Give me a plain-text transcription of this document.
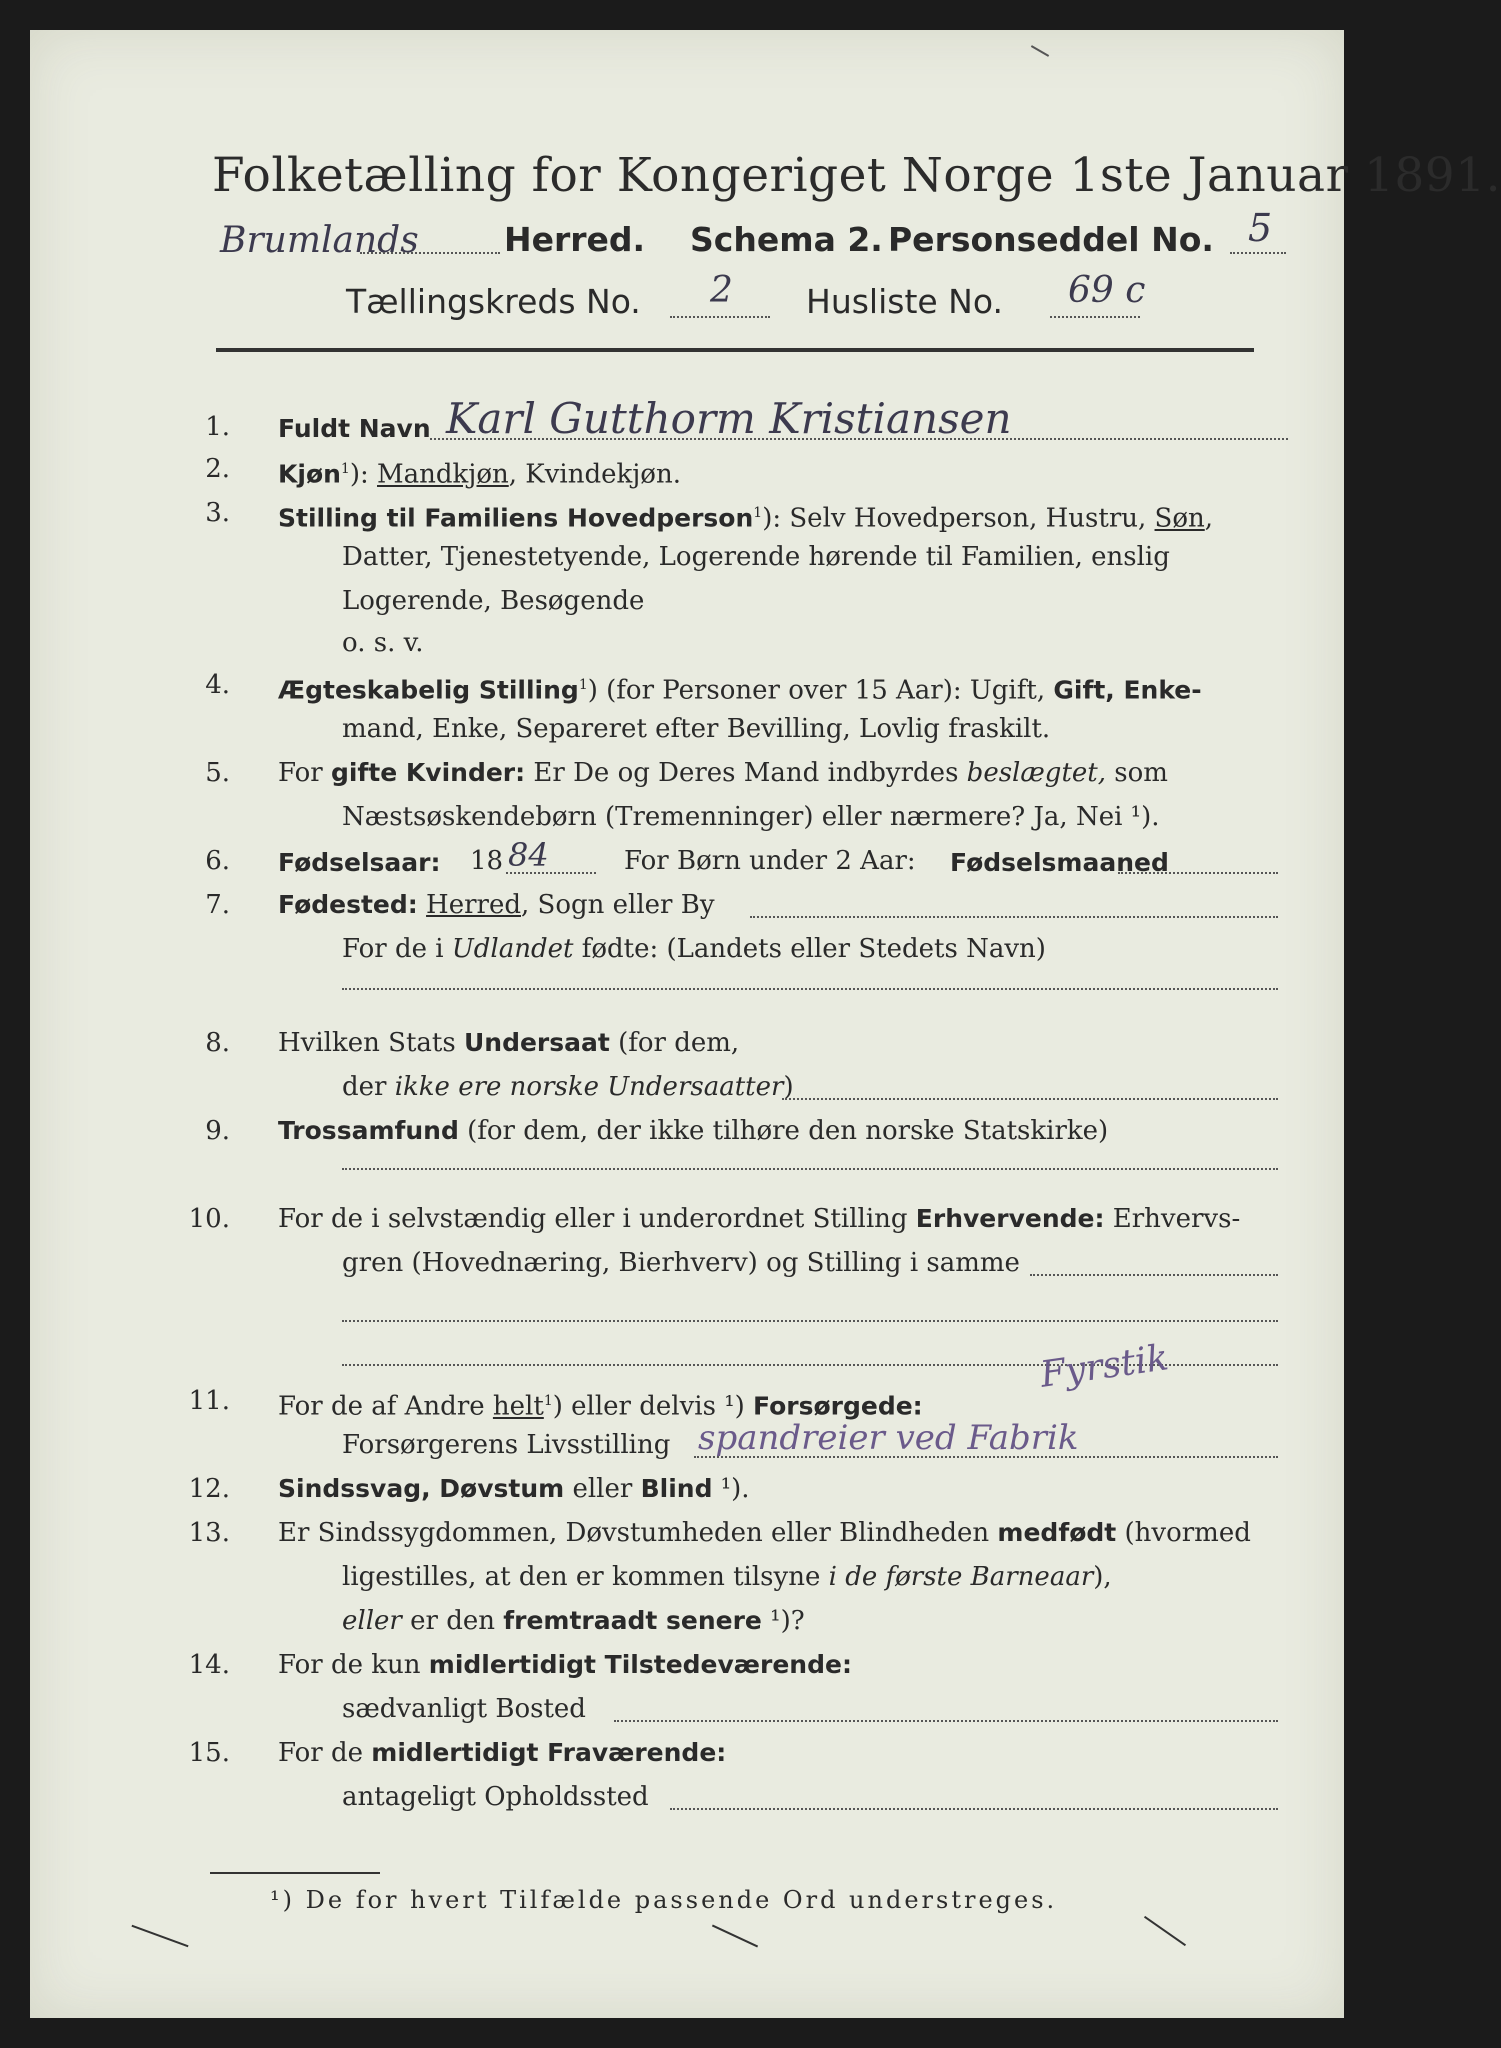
Folketælling for Kongeriget Norge 1ste Januar 1891.
Brumlands	Herred. Schema 2. Personseddel No. 5
Tællingskreds No. 2 Husliste No. 69 c
1. Fuldt Navn Karl Gutthorm Kristiansen
2. Kjøn$^1$): Mandkjøn, Kvindekjøn.
3. Stilling til Familiens Hovedperson$^1$): Selv Hovedperson, Hustru, Søn,
Datter, Tjenestetyende, Logerende hørende til Familien, enslig
Logerende, Besøgende
o. s. v.
4. Ægteskabelig Stilling$^1$) (for Personer over 15 Aar): Ugift, Gift, Enke-
mand, Enke, Separeret efter Bevilling, Lovlig fraskilt.
5. For gifte Kvinder: Er De og Deres Mand indbyrdes beslægtet, som
Næstsøskendebørn (Tremenninger) eller nærmere? Ja, Nei ¹).
6. Fødselsaar: 18 84	For Børn under 2 Aar: Fødselsmaaned
7. Fødested: Herred, Sogn eller By
For de i Udlandet fødte: (Landets eller Stedets Navn)
8. Hvilken Stats Undersaat (for dem,
der ikke ere norske Undersaatter)
9. Trossamfund (for dem, der ikke tilhøre den norske Statskirke)
10. For de i selvstændig eller i underordnet Stilling Erhvervende: Erhvervs-
gren (Hovednæring, Bierhverv) og Stilling i samme
11. For de af Andre helt$^1$) eller delvis ¹) Forsørgede:
Fyrstik
Forsørgerens Livsstilling spandreier ved Fabrik
12. Sindssvag, Døvstum eller Blind ¹).
13. Er Sindssygdommen, Døvstumheden eller Blindheden medfødt (hvormed
ligestilles, at den er kommen tilsyne i de første Barneaar),
eller er den fremtraadt senere ¹)?
14. For de kun midlertidigt Tilstedeværende:
sædvanligt Bosted
15. For de midlertidigt Fraværende:
antageligt Opholdssted
¹) De for hvert Tilfælde passende Ord understreges.
